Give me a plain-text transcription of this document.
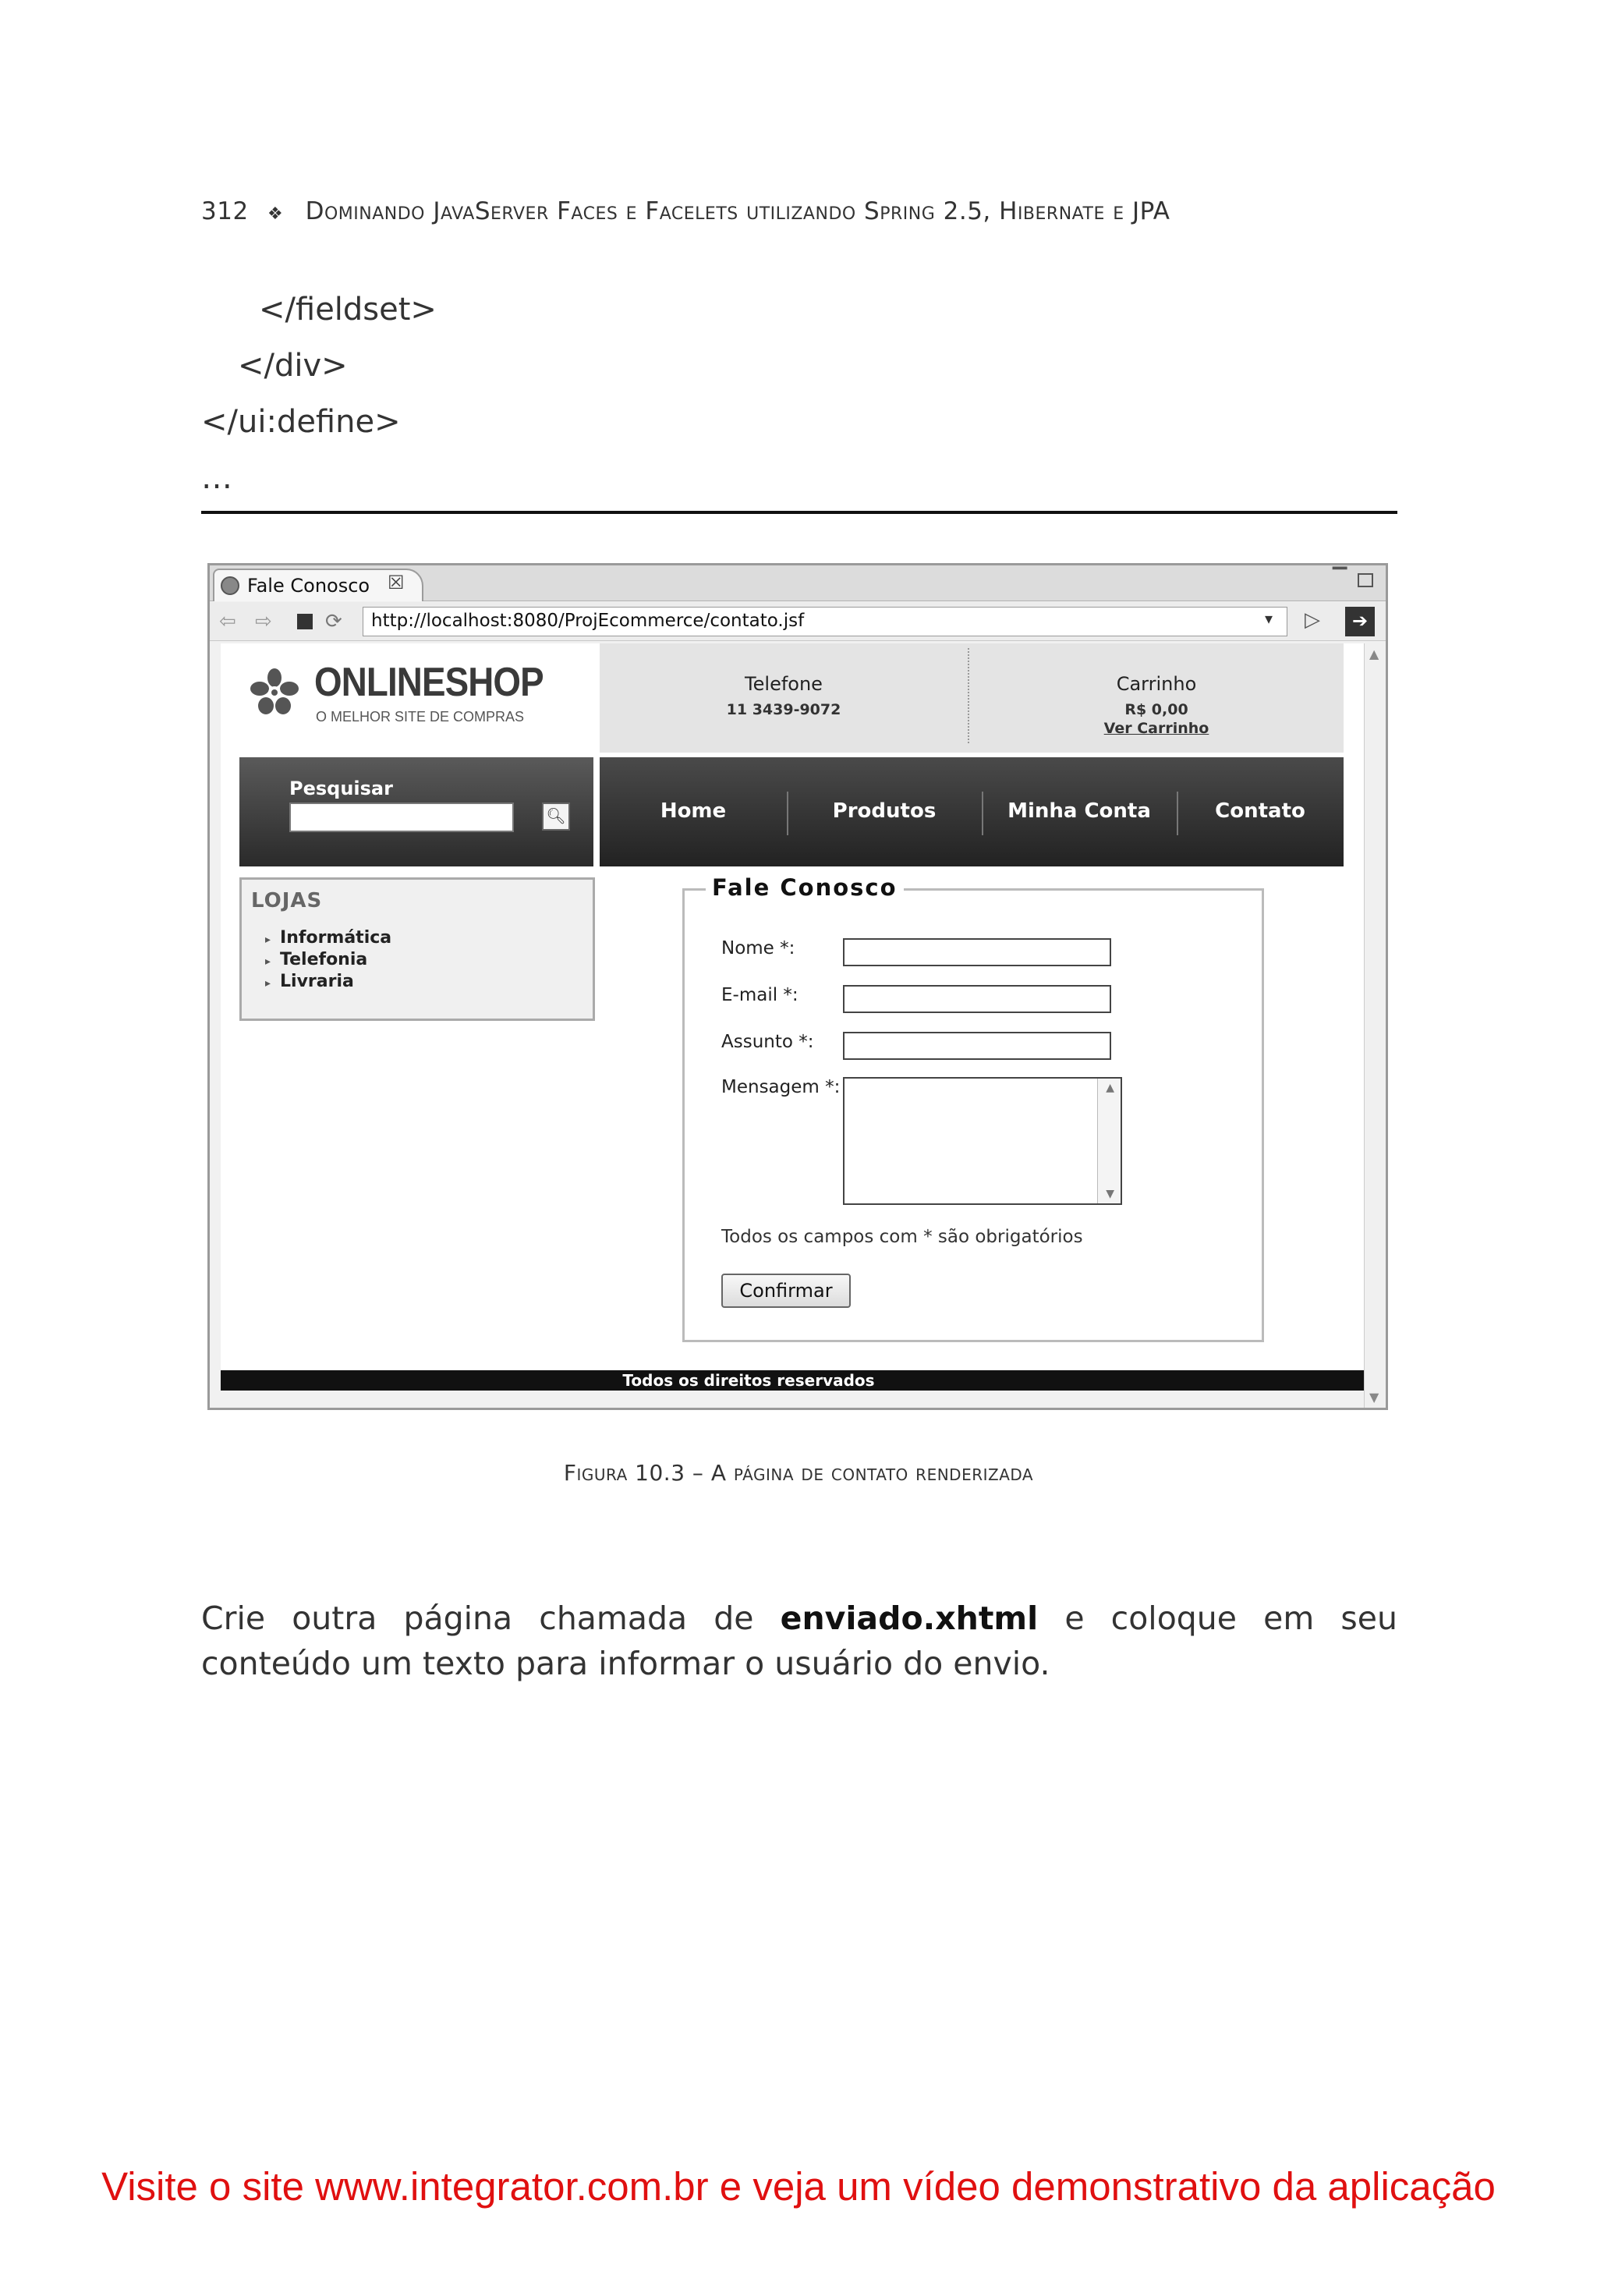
312 ❖ Dominando JavaServer Faces e Facelets utilizando Spring 2.5, Hibernate e JPA
</fieldset>
</div>
</ui:define>
…
Fale Conosco ☒	▔
⇦ ⇨	⟳ http://localhost:8080/ProjEcommerce/contato.jsf	▾ ▷	➔
ONLINESHOP
O MELHOR SITE DE COMPRAS
Telefone
11 3439-9072
Carrinho
R$ 0,00
Ver Carrinho
Pesquisar
🔍︎	Home	Produtos	Minha Conta	Contato
LOJAS
▸ Informática
▸ Telefonia
▸ Livraria
Fale Conosco
Nome *:
E-mail *:
Assunto *:
Mensagem *:	▲
▼
Todos os campos com * são obrigatórios
Confirmar
Todos os direitos reservados
▲
▼
Figura 10.3 – A página de contato renderizada

Crie outra página chamada de enviado.xhtml e coloque em seu conteúdo um texto para informar o usuário do envio.

Visite o site www.integrator.com.br e veja um vídeo demonstrativo da aplicação
